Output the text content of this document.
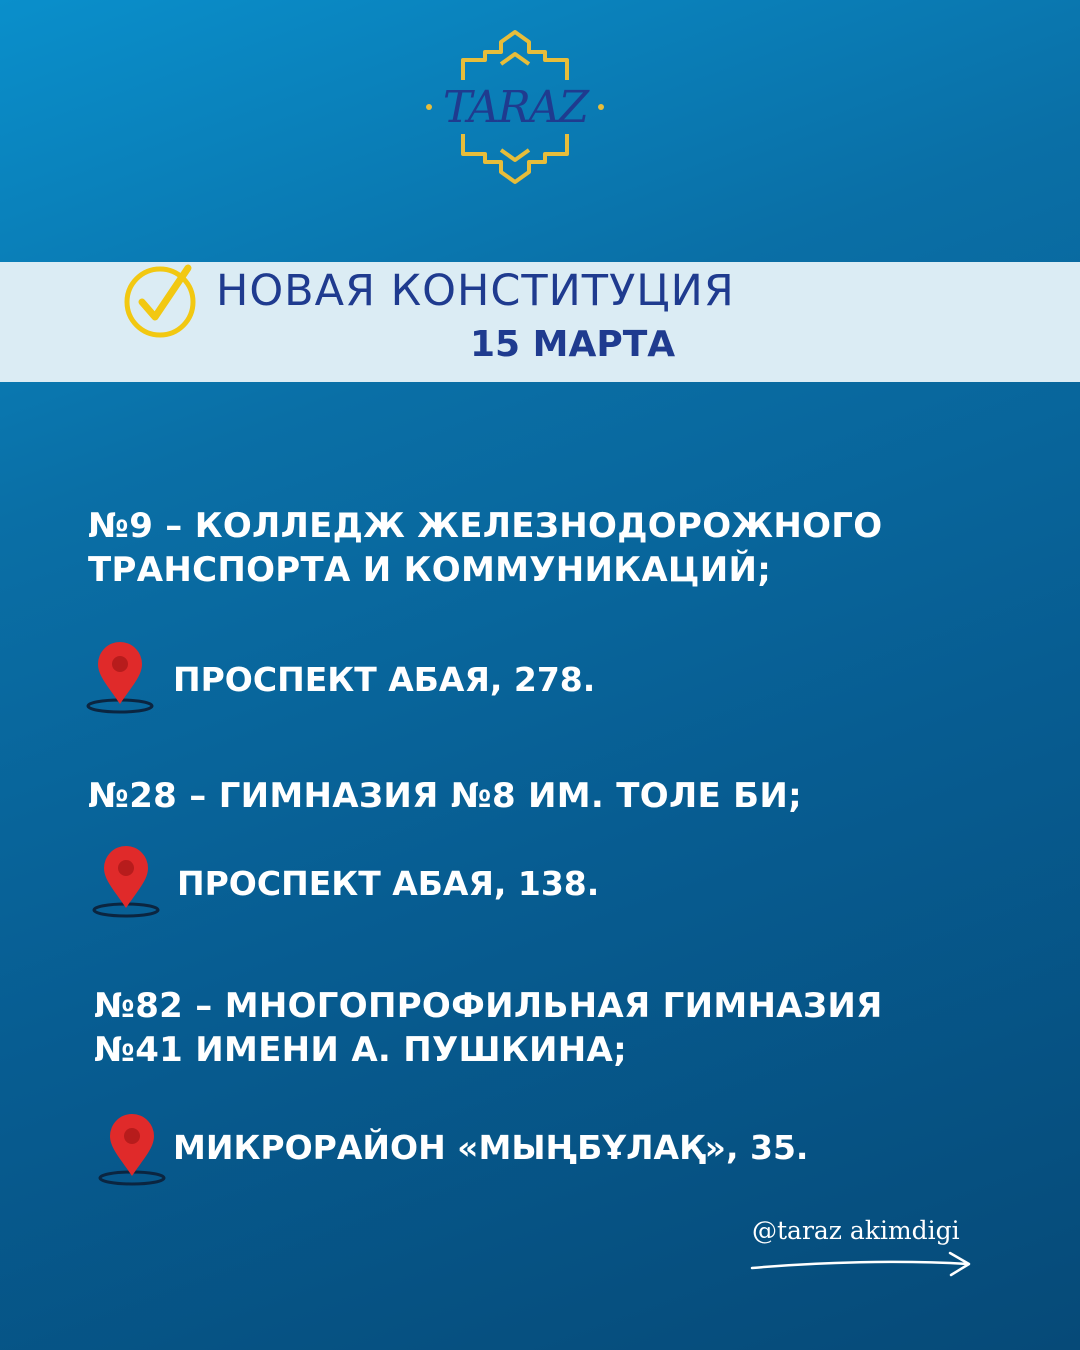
TARAZ
НОВАЯ КОНСТИТУЦИЯ
15 МАРТА
№9 – КОЛЛЕДЖ ЖЕЛЕЗНОДОРОЖНОГО
ТРАНСПОРТА И КОММУНИКАЦИЙ;
ПРОСПЕКТ АБАЯ, 278.
№28 – ГИМНАЗИЯ №8 ИМ. ТОЛЕ БИ;
ПРОСПЕКТ АБАЯ, 138.
№82 – МНОГОПРОФИЛЬНАЯ ГИМНАЗИЯ
№41 ИМЕНИ А. ПУШКИНА;
МИКРОРАЙОН «МЫҢБҰЛАҚ», 35.
@taraz akimdigi
